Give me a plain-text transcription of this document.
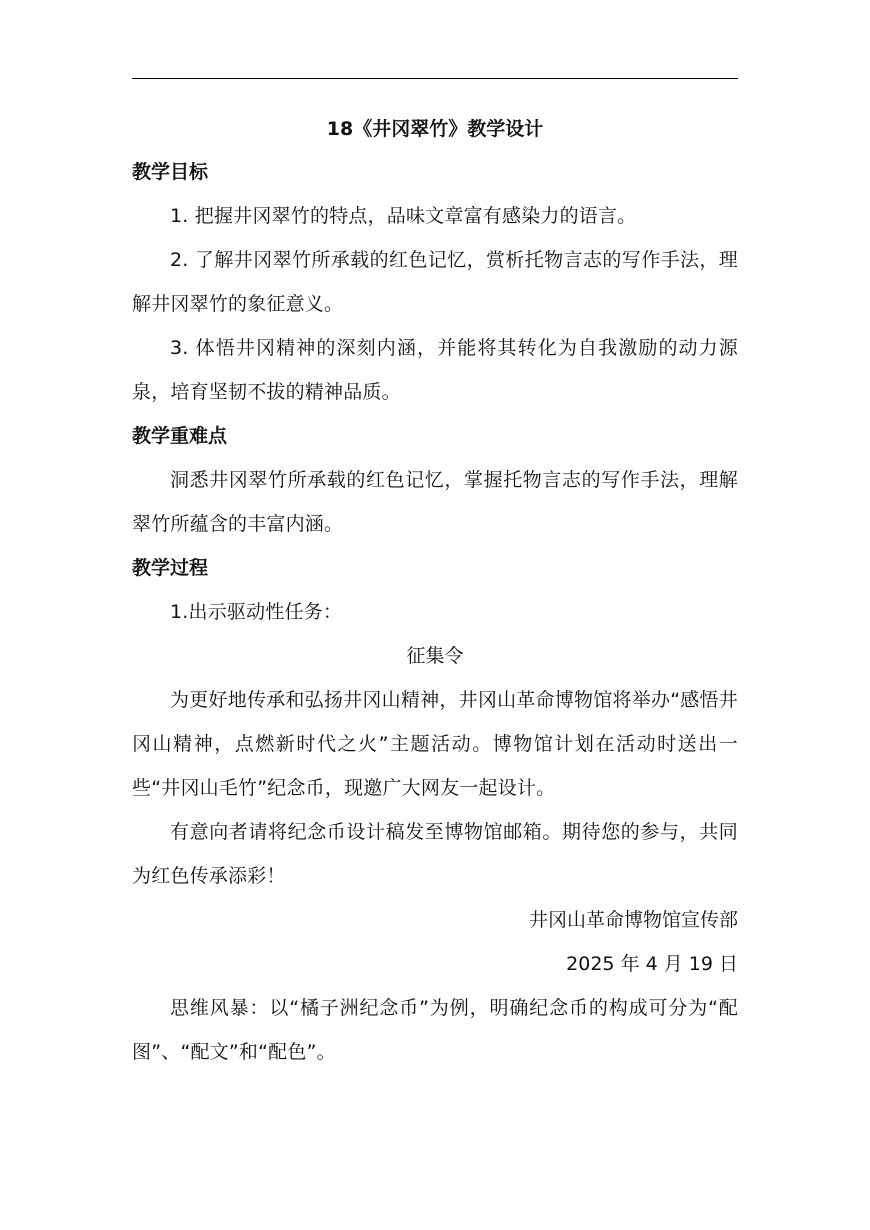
18《井冈翠竹》教学设计

教学目标

1. 把握井冈翠竹的特点，品味文章富有感染力的语言。

2. 了解井冈翠竹所承载的红色记忆，赏析托物言志的写作手法，理解井冈翠竹的象征意义。

3. 体悟井冈精神的深刻内涵，并能将其转化为自我激励的动力源泉，培育坚韧不拔的精神品质。

教学重难点

洞悉井冈翠竹所承载的红色记忆，掌握托物言志的写作手法，理解翠竹所蕴含的丰富内涵。

教学过程

1.出示驱动性任务：

征集令

为更好地传承和弘扬井冈山精神，井冈山革命博物馆将举办“感悟井冈山精神，点燃新时代之火”主题活动。博物馆计划在活动时送出一些“井冈山毛竹”纪念币，现邀广大网友一起设计。

有意向者请将纪念币设计稿发至博物馆邮箱。期待您的参与，共同为红色传承添彩！

井冈山革命博物馆宣传部

2025 年 4 月 19 日

思维风暴：以“橘子洲纪念币”为例，明确纪念币的构成可分为“配图”、“配文”和“配色”。
